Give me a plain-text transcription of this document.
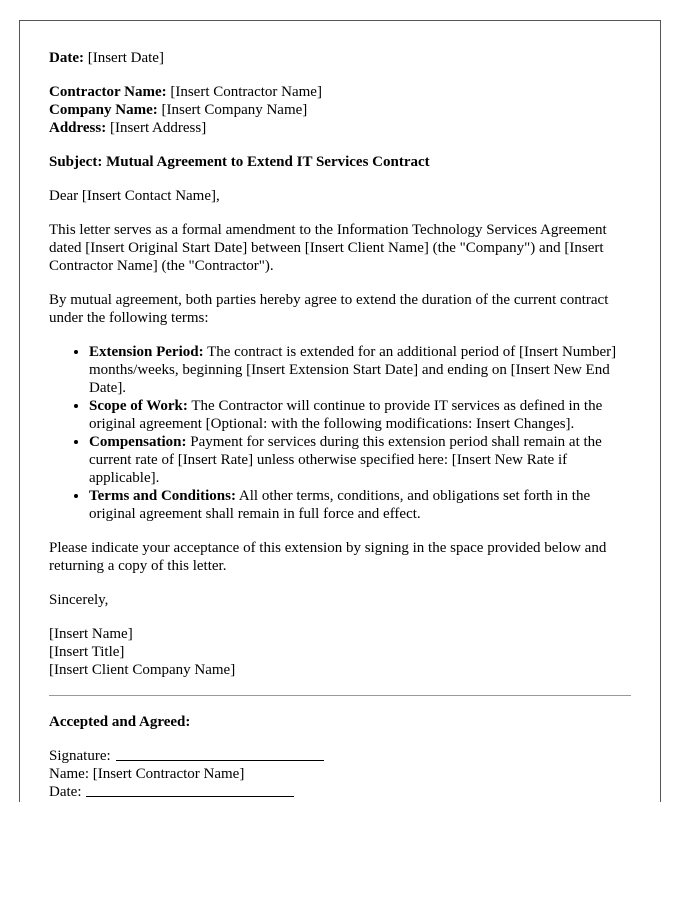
Date: [Insert Date]

Contractor Name: [Insert Contractor Name]

Company Name: [Insert Company Name]

Address: [Insert Address]

Subject: Mutual Agreement to Extend IT Services Contract

Dear [Insert Contact Name],

This letter serves as a formal amendment to the Information Technology Services Agreement dated [Insert Original Start Date] between [Insert Client Name] (the "Company") and [Insert Contractor Name] (the "Contractor").

By mutual agreement, both parties hereby agree to extend the duration of the current contract under the following terms:

• Extension Period: The contract is extended for an additional period of [Insert Number] months/weeks, beginning [Insert Extension Start Date] and ending on [Insert New End Date].
• Scope of Work: The Contractor will continue to provide IT services as defined in the original agreement [Optional: with the following modifications: Insert Changes].
• Compensation: Payment for services during this extension period shall remain at the current rate of [Insert Rate] unless otherwise specified here: [Insert New Rate if applicable].
• Terms and Conditions: All other terms, conditions, and obligations set forth in the original agreement shall remain in full force and effect.

Please indicate your acceptance of this extension by signing in the space provided below and returning a copy of this letter.

Sincerely,

[Insert Name]

[Insert Title]

[Insert Client Company Name]

Accepted and Agreed:

Signature:

Name: [Insert Contractor Name]

Date:
